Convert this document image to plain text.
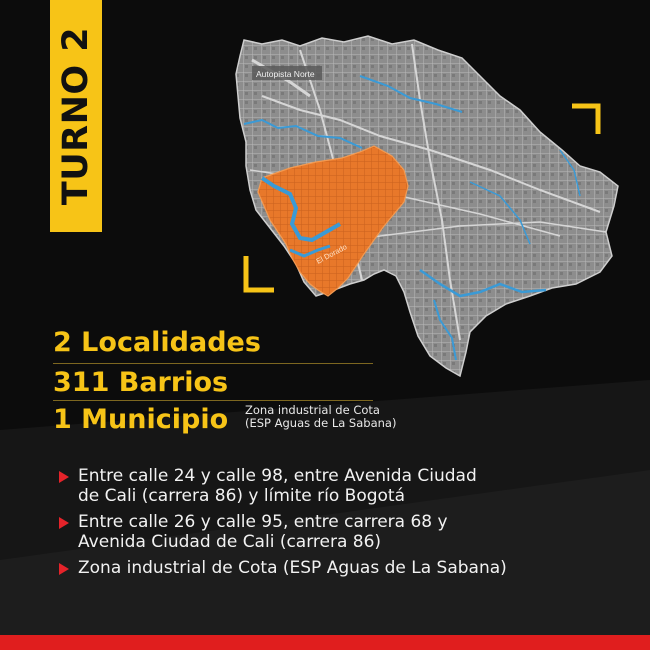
TURNO 2	Autopista Norte
El Dorado
2 Localidades
311 Barrios
1 Municipio Zona industrial de Cota
(ESP Aguas de La Sabana)
Entre calle 24 y calle 98, entre Avenida Ciudad
de Cali (carrera 86) y límite río Bogotá
Entre calle 26 y calle 95, entre carrera 68 y
Avenida Ciudad de Cali (carrera 86)
Zona industrial de Cota (ESP Aguas de La Sabana)
